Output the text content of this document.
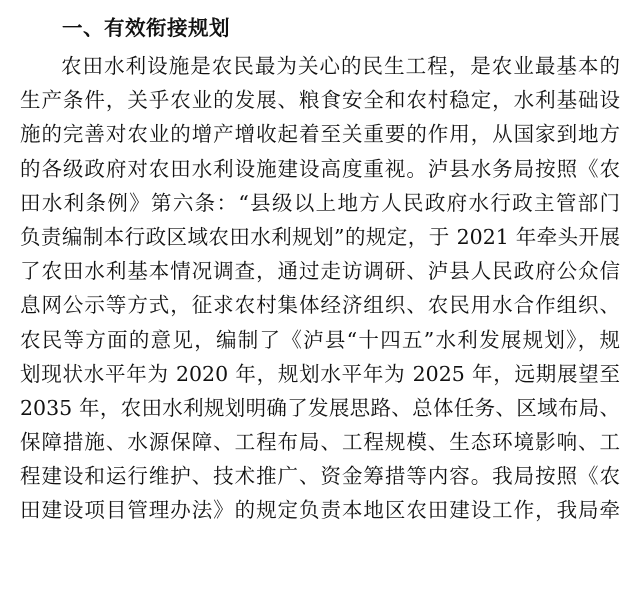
一、有效衔接规划
农田水利设施是农民最为关心的民生工程，是农业最基本的
生产条件，关乎农业的发展、粮食安全和农村稳定，水利基础设
施的完善对农业的增产增收起着至关重要的作用，从国家到地方
的各级政府对农田水利设施建设高度重视。泸县水务局按照《农
田水利条例》第六条：“县级以上地方人民政府水行政主管部门
负责编制本行政区域农田水利规划”的规定，于 2021 年牵头开展
了农田水利基本情况调查，通过走访调研、泸县人民政府公众信
息网公示等方式，征求农村集体经济组织、农民用水合作组织、
农民等方面的意见，编制了《泸县“十四五”水利发展规划》，规
划现状水平年为 2020 年，规划水平年为 2025 年，远期展望至
2035 年，农田水利规划明确了发展思路、总体任务、区域布局、
保障措施、水源保障、工程布局、工程规模、生态环境影响、工
程建设和运行维护、技术推广、资金筹措等内容。我局按照《农
田建设项目管理办法》的规定负责本地区农田建设工作，我局牵
